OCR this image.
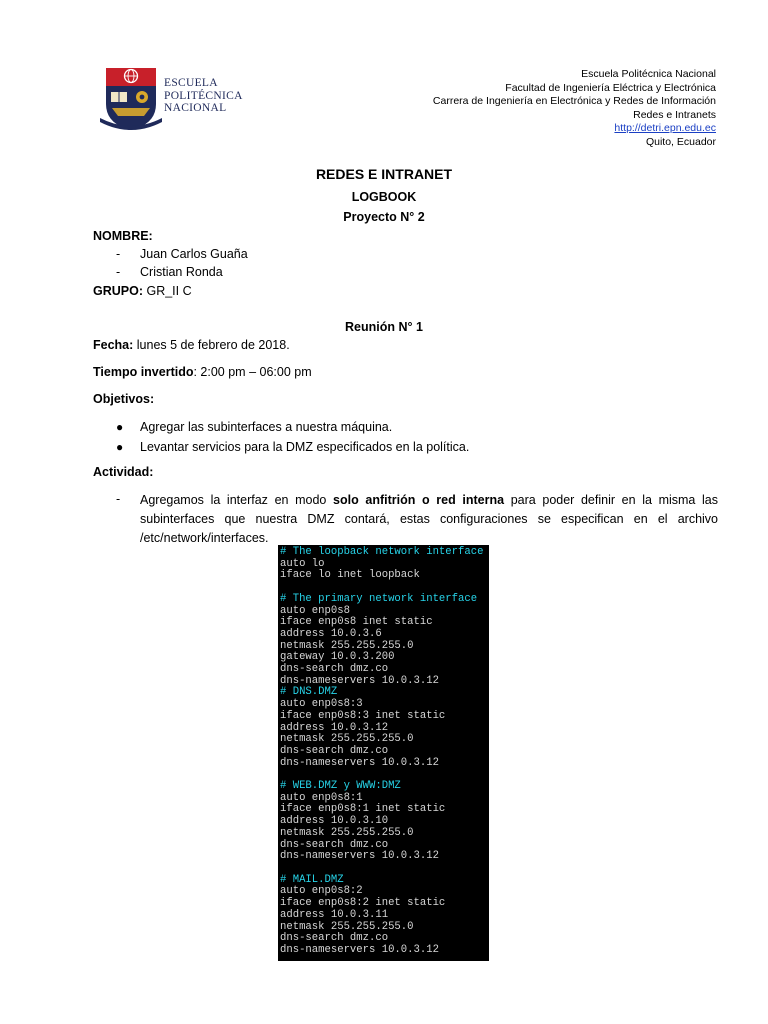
ESCUELA
POLITÉCNICA
NACIONAL
Escuela Politécnica Nacional
Facultad de Ingeniería Eléctrica y Electrónica
Carrera de Ingeniería en Electrónica y Redes de Información
Redes e Intranets
http://detri.epn.edu.ec
Quito, Ecuador
REDES E INTRANET
LOGBOOK
Proyecto N° 2
NOMBRE:
- Juan Carlos Guaña
- Cristian Ronda
GRUPO: GR_II C
Reunión N° 1
Fecha: lunes 5 de febrero de 2018.
Tiempo invertido: 2:00 pm – 06:00 pm
Objetivos:
● Agregar las subinterfaces a nuestra máquina.
● Levantar servicios para la DMZ especificados en la política.
Actividad:
- Agregamos la interfaz en modo solo anfitrión o red interna para poder definir en la misma las subinterfaces que nuestra DMZ contará, estas configuraciones se especifican en el archivo /etc/network/interfaces.
# The loopback network interface
auto lo
iface lo inet loopback

# The primary network interface
auto enp0s8
iface enp0s8 inet static
address 10.0.3.6
netmask 255.255.255.0
gateway 10.0.3.200
dns-search dmz.co
dns-nameservers 10.0.3.12
# DNS.DMZ
auto enp0s8:3
iface enp0s8:3 inet static
address 10.0.3.12
netmask 255.255.255.0
dns-search dmz.co
dns-nameservers 10.0.3.12

# WEB.DMZ y WWW:DMZ
auto enp0s8:1
iface enp0s8:1 inet static
address 10.0.3.10
netmask 255.255.255.0
dns-search dmz.co
dns-nameservers 10.0.3.12

# MAIL.DMZ
auto enp0s8:2
iface enp0s8:2 inet static
address 10.0.3.11
netmask 255.255.255.0
dns-search dmz.co
dns-nameservers 10.0.3.12
